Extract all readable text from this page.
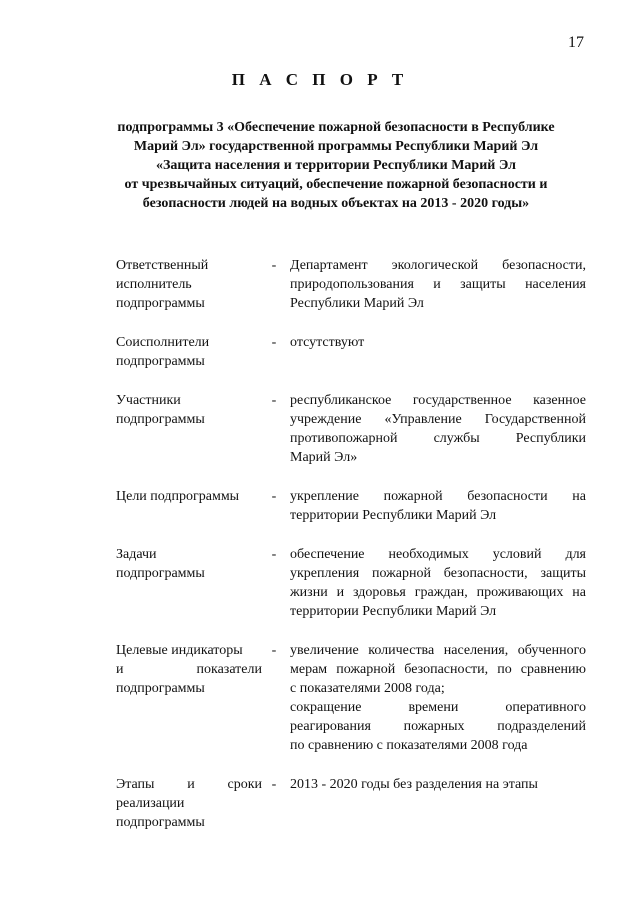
17
П А С П О Р Т
подпрограммы 3 «Обеспечение пожарной безопасности в Республике
Марий Эл» государственной программы Республики Марий Эл
«Защита населения и территории Республики Марий Эл
от чрезвычайных ситуаций, обеспечение пожарной безопасности и
безопасности людей на водных объектах на 2013 - 2020 годы»
Ответственный
исполнитель
подпрограммы
- Департамент экологической безопасности,
природопользования и защиты населения
Республики Марий Эл
Соисполнители
подпрограммы
- отсутствуют
Участники
подпрограммы
- республиканское государственное казенное
учреждение «Управление Государственной
противопожарной службы Республики
Марий Эл»
Цели подпрограммы	- укрепление пожарной безопасности на
территории Республики Марий Эл
Задачи
подпрограммы
- обеспечение необходимых условий для
укрепления пожарной безопасности, защиты
жизни и здоровья граждан, проживающих на
территории Республики Марий Эл
Целевые индикаторы
и показатели
подпрограммы
- увеличение количества населения, обученного
мерам пожарной безопасности, по сравнению
с показателями 2008 года;
сокращение времени оперативного
реагирования пожарных подразделений
по сравнению с показателями 2008 года
Этапы и сроки
реализации
подпрограммы
- 2013 - 2020 годы без разделения на этапы
